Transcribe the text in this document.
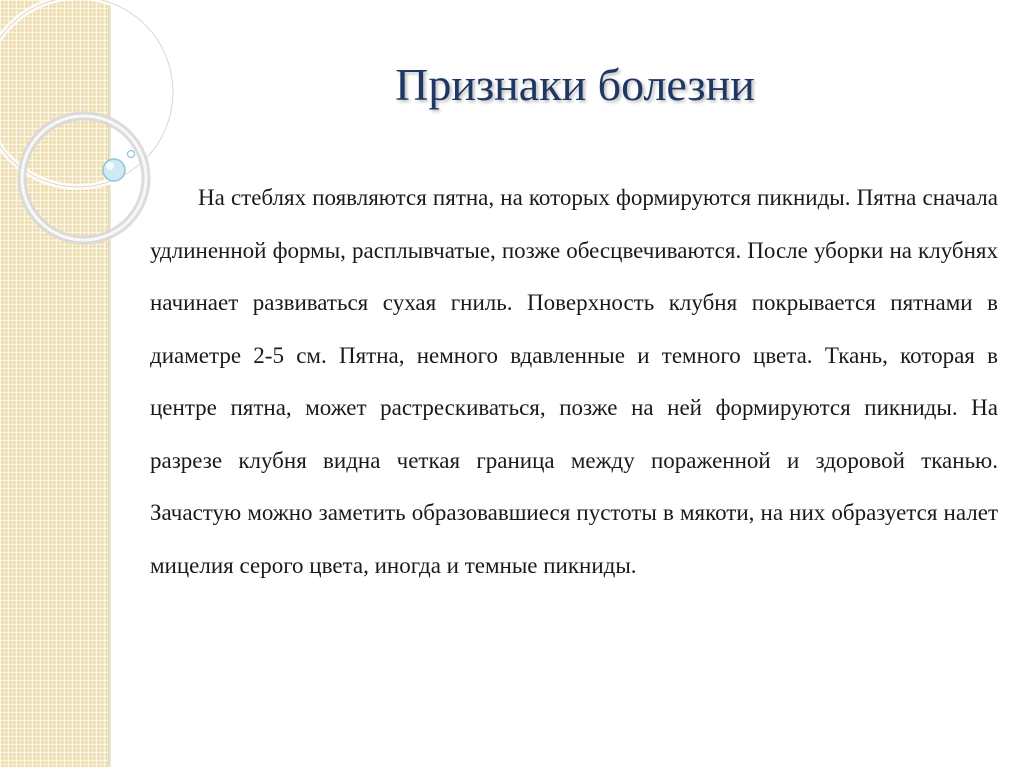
Признаки болезни

На стеблях появляются пятна, на которых формируются пикниды. Пятна сначала удлиненной формы, расплывчатые, позже обесцвечиваются. После уборки на клубнях начинает развиваться сухая гниль. Поверхность клубня покрывается пятнами в диаметре 2-5 см. Пятна, немного вдавленные и темного цвета. Ткань, которая в центре пятна, может растрескиваться, позже на ней формируются пикниды. На разрезе клубня видна четкая граница между пораженной и здоровой тканью. Зачастую можно заметить образовавшиеся пустоты в мякоти, на них образуется налет мицелия серого цвета, иногда и темные пикниды.
